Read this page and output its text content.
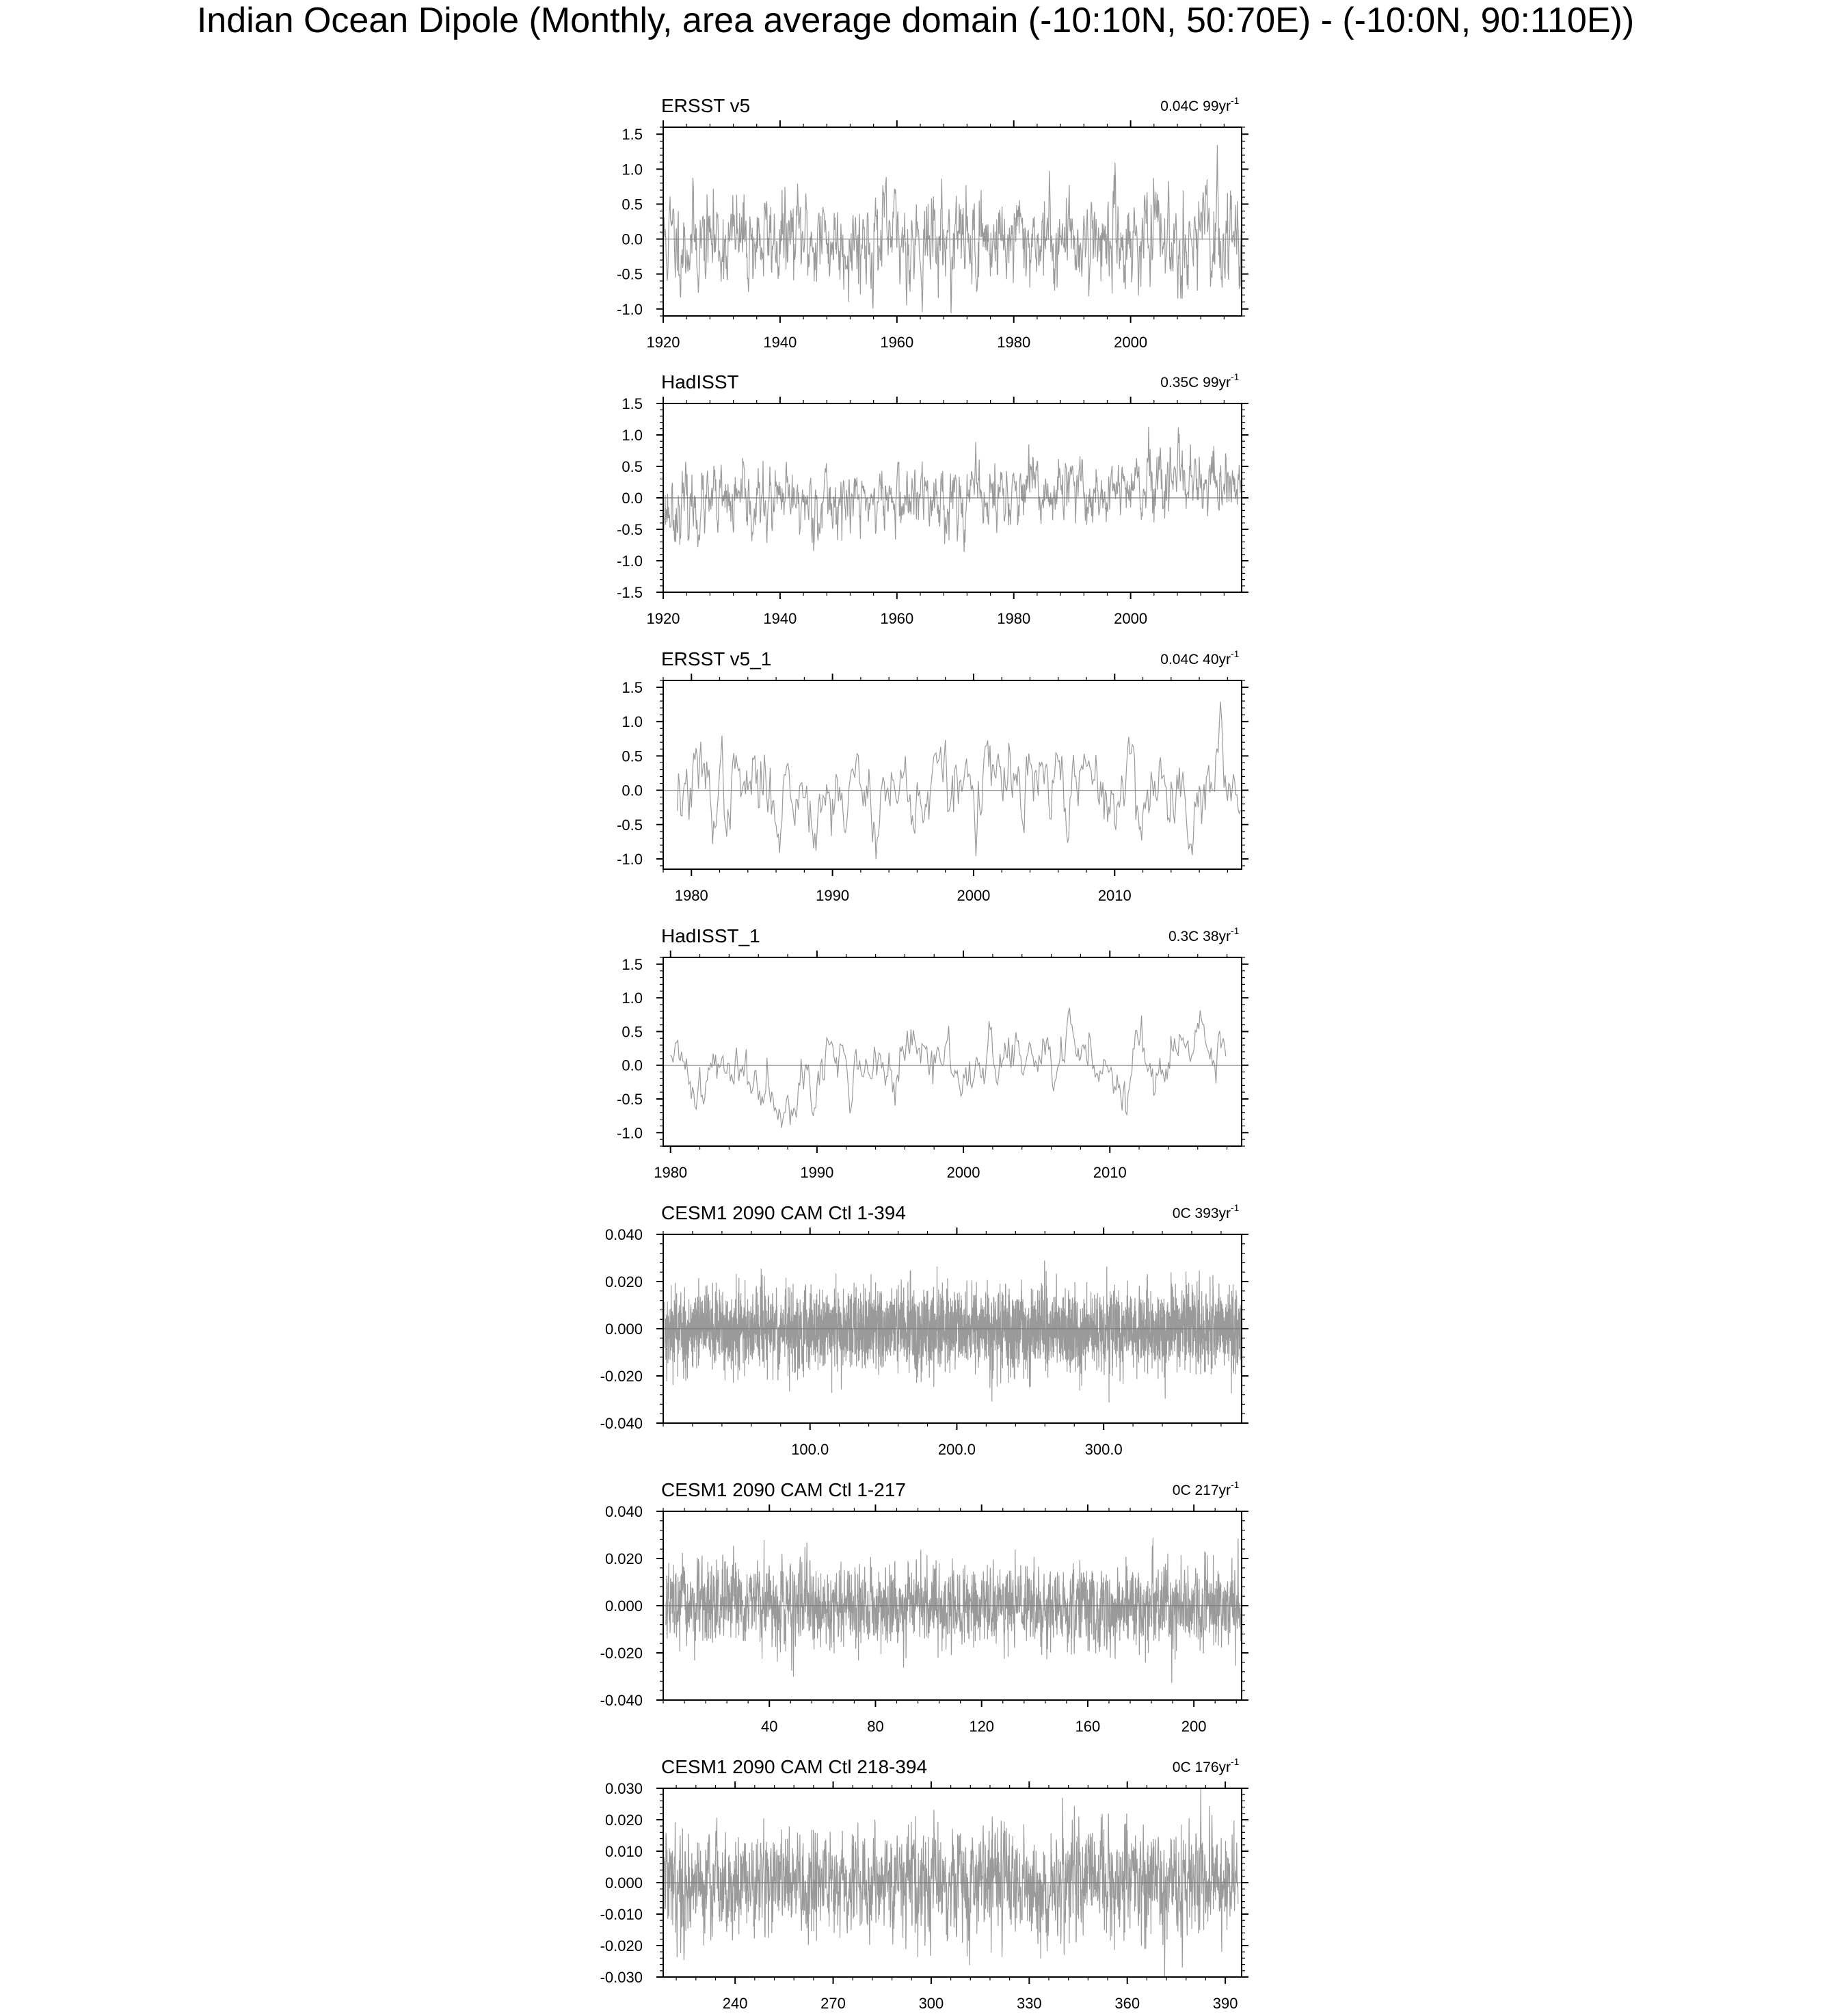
Indian Ocean Dipole (Monthly, area average domain (-10:10N, 50:70E) - (-10:0N, 90:110E))
-1.0
-0.5
0.0
0.5
1.0
1.5
1920	1940	1960	1980	2000
ERSST v5	0.04C 99yr -1
-1.5
-1.0
-0.5
0.0
0.5
1.0
1.5
1920	1940	1960	1980	2000
HadISST	0.35C 99yr -1
-1.0
-0.5
0.0
0.5
1.0
1.5
1980	1990	2000	2010
ERSST v5_1	0.04C 40yr -1
-1.0
-0.5
0.0
0.5
1.0
1.5
1980	1990	2000	2010
HadISST_1	0.3C 38yr -1
-0.040
-0.020
0.000
0.020
0.040
100.0	200.0	300.0
CESM1 2090 CAM Ctl 1-394	0C 393yr -1
-0.040
-0.020
0.000
0.020
0.040
40	80	120	160	200
CESM1 2090 CAM Ctl 1-217	0C 217yr -1
-0.030
-0.020
-0.010
0.000
0.010
0.020
0.030
240	270	300	330	360	390
CESM1 2090 CAM Ctl 218-394	0C 176yr -1
